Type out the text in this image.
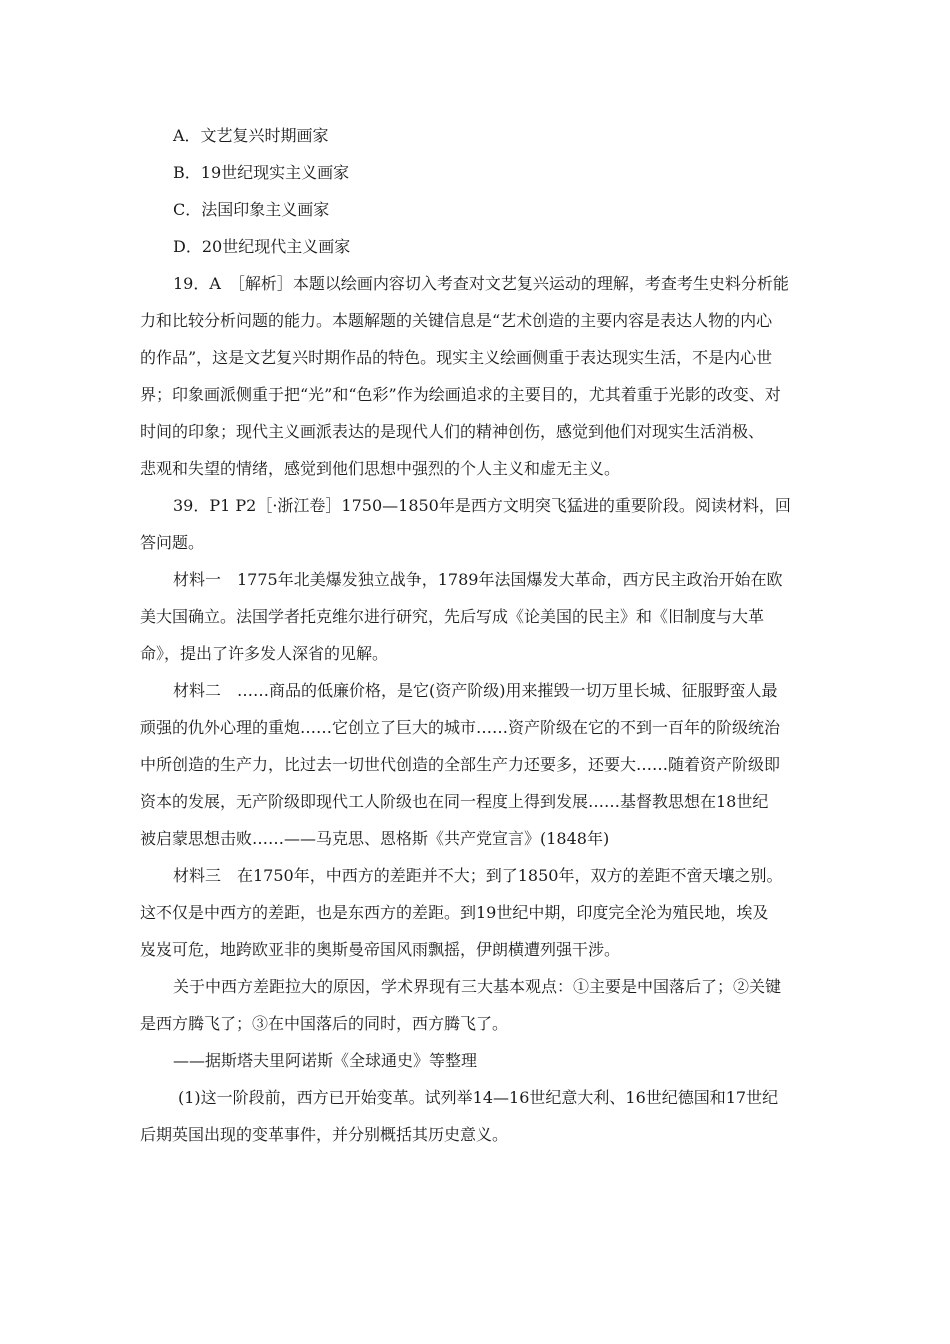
A．文艺复兴时期画家
B．19世纪现实主义画家
C．法国印象主义画家
D．20世纪现代主义画家
19．A　［解析］本题以绘画内容切入考查对文艺复兴运动的理解，考查考生史料分析能
力和比较分析问题的能力。本题解题的关键信息是“艺术创造的主要内容是表达人物的内心
的作品”，这是文艺复兴时期作品的特色。现实主义绘画侧重于表达现实生活，不是内心世
界；印象画派侧重于把“光”和“色彩”作为绘画追求的主要目的，尤其着重于光影的改变、对
时间的印象；现代主义画派表达的是现代人们的精神创伤，感觉到他们对现实生活消极、
悲观和失望的情绪，感觉到他们思想中强烈的个人主义和虚无主义。
39．P1 P2［·浙江卷］1750—1850年是西方文明突飞猛进的重要阶段。阅读材料，回
答问题。
材料一　1775年北美爆发独立战争，1789年法国爆发大革命，西方民主政治开始在欧
美大国确立。法国学者托克维尔进行研究，先后写成《论美国的民主》和《旧制度与大革
命》，提出了许多发人深省的见解。
材料二　……商品的低廉价格，是它(资产阶级)用来摧毁一切万里长城、征服野蛮人最
顽强的仇外心理的重炮……它创立了巨大的城市……资产阶级在它的不到一百年的阶级统治
中所创造的生产力，比过去一切世代创造的全部生产力还要多，还要大……随着资产阶级即
资本的发展，无产阶级即现代工人阶级也在同一程度上得到发展……基督教思想在18世纪
被启蒙思想击败……——马克思、恩格斯《共产党宣言》(1848年)
材料三　在1750年，中西方的差距并不大；到了1850年，双方的差距不啻天壤之别。
这不仅是中西方的差距，也是东西方的差距。到19世纪中期，印度完全沦为殖民地，埃及
岌岌可危，地跨欧亚非的奥斯曼帝国风雨飘摇，伊朗横遭列强干涉。
关于中西方差距拉大的原因，学术界现有三大基本观点：①主要是中国落后了；②关键
是西方腾飞了；③在中国落后的同时，西方腾飞了。
——据斯塔夫里阿诺斯《全球通史》等整理
(1)这一阶段前，西方已开始变革。试列举14—16世纪意大利、16世纪德国和17世纪
后期英国出现的变革事件，并分别概括其历史意义。
